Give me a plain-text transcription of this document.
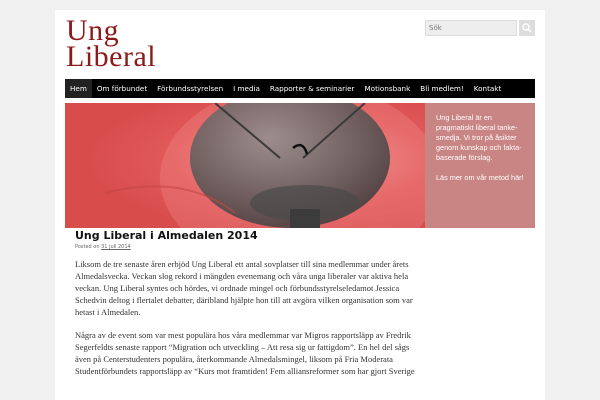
Ung
Liberal
Sök
Hem	Om förbundet	Förbundsstyrelsen	I media	Rapporter & seminarier	Motionsbank	Bli medlem!	Kontakt

Ung Liberal är en pragmatiskt liberal tanke-smedja. Vi tror på åsikter genom kunskap och fakta-baserade förslag.

Läs mer om vår metod här!

Ung Liberal i Almedalen 2014
Posted on 31 juli 2014

Liksom de tre senaste åren erbjöd Ung Liberal ett antal sovplatser till sina medlemmar under årets Almedalsvecka. Veckan slog rekord i mängden evenemang och våra unga liberaler var aktiva hela veckan. Ung Liberal syntes och hördes, vi ordnade mingel och förbundsstyrelseledamot Jessica Schedvin deltog i flertalet debatter, däribland hjälpte hon till att avgöra vilken organisation som var hetast i Almedalen.

Några av de event som var mest populära hos våra medlemmar var Migros rapportsläpp av Fredrik Segerfeldts senaste rapport “Migration och utveckling – Att resa sig ur fattigdom”. En hel del sågs även på Centerstudenters populära, återkommande Almedalsmingel, liksom på Fria Moderata Studentförbundets rapportsläpp av “Kurs mot framtiden! Fem alliansreformer som har gjort Sverige
